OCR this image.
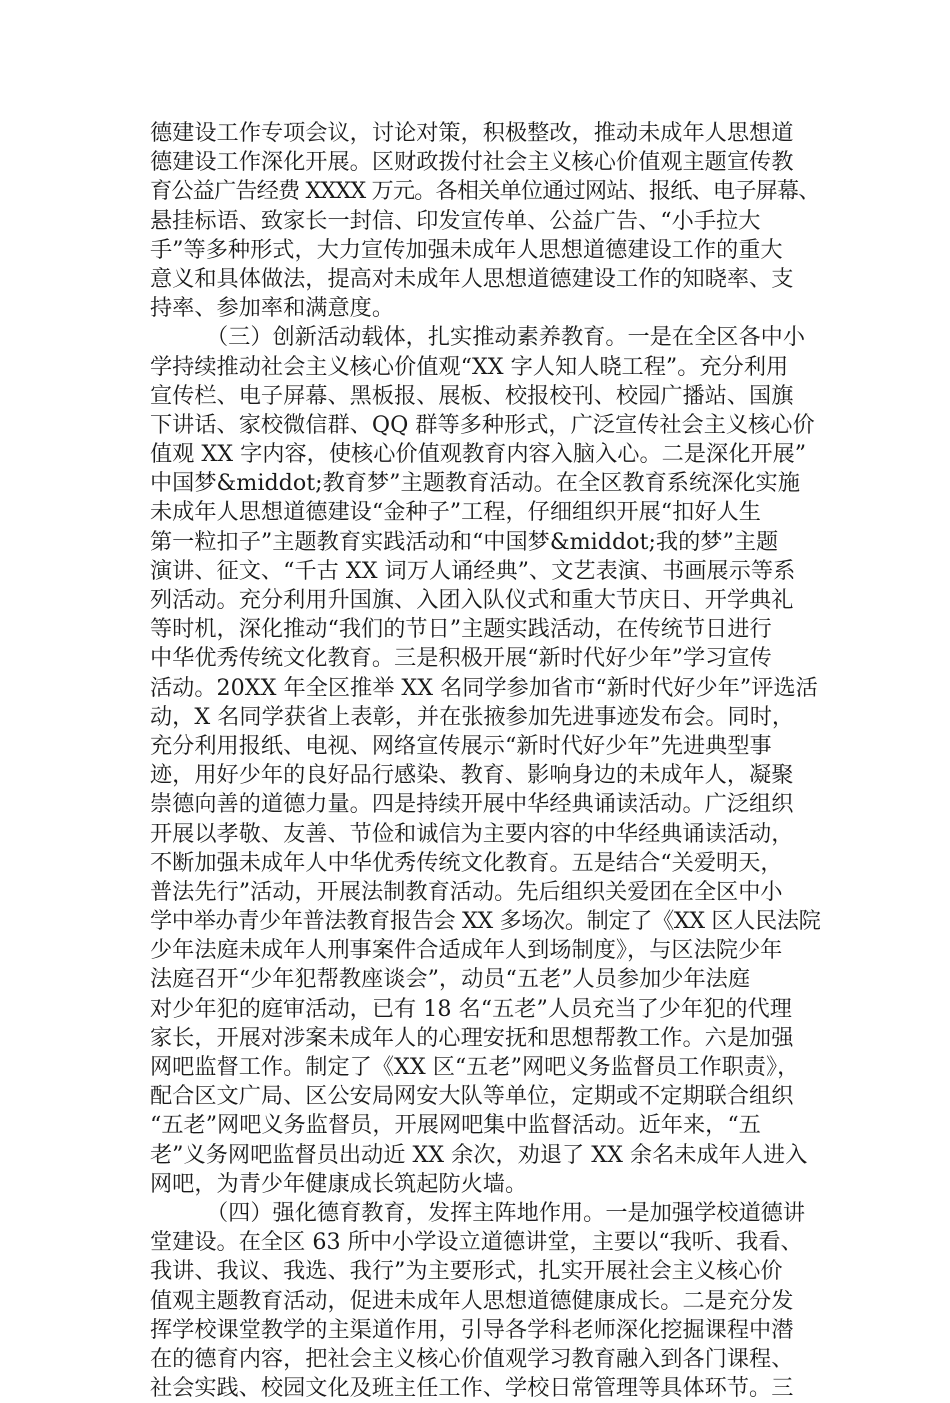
德建设工作专项会议，讨论对策，积极整改，推动未成年人思想道
德建设工作深化开展。区财政拨付社会主义核心价值观主题宣传教
育公益广告经费 XXXX 万元。各相关单位通过网站、报纸、电子屏幕、
悬挂标语、致家长一封信、印发宣传单、公益广告、“小手拉大
手”等多种形式，大力宣传加强未成年人思想道德建设工作的重大
意义和具体做法，提高对未成年人思想道德建设工作的知晓率、支
持率、参加率和满意度。
（三）创新活动载体，扎实推动素养教育。一是在全区各中小
学持续推动社会主义核心价值观“XX 字人知人晓工程”。充分利用
宣传栏、电子屏幕、黑板报、展板、校报校刊、校园广播站、国旗
下讲话、家校微信群、QQ 群等多种形式，广泛宣传社会主义核心价
值观 XX 字内容，使核心价值观教育内容入脑入心。二是深化开展”
中国梦&middot;教育梦”主题教育活动。在全区教育系统深化实施
未成年人思想道德建设“金种子”工程，仔细组织开展“扣好人生
第一粒扣子”主题教育实践活动和“中国梦&middot;我的梦”主题
演讲、征文、“千古 XX 词万人诵经典”、文艺表演、书画展示等系
列活动。充分利用升国旗、入团入队仪式和重大节庆日、开学典礼
等时机，深化推动“我们的节日”主题实践活动，在传统节日进行
中华优秀传统文化教育。三是积极开展“新时代好少年”学习宣传
活动。20XX 年全区推举 XX 名同学参加省市“新时代好少年”评选活
动，X 名同学获省上表彰，并在张掖参加先进事迹发布会。同时，
充分利用报纸、电视、网络宣传展示“新时代好少年”先进典型事
迹，用好少年的良好品行感染、教育、影响身边的未成年人，凝聚
崇德向善的道德力量。四是持续开展中华经典诵读活动。广泛组织
开展以孝敬、友善、节俭和诚信为主要内容的中华经典诵读活动，
不断加强未成年人中华优秀传统文化教育。五是结合“关爱明天，
普法先行”活动，开展法制教育活动。先后组织关爱团在全区中小
学中举办青少年普法教育报告会 XX 多场次。制定了《XX 区人民法院
少年法庭未成年人刑事案件合适成年人到场制度》，与区法院少年
法庭召开“少年犯帮教座谈会”，动员“五老”人员参加少年法庭
对少年犯的庭审活动，已有 18 名“五老”人员充当了少年犯的代理
家长，开展对涉案未成年人的心理安抚和思想帮教工作。六是加强
网吧监督工作。制定了《XX 区“五老”网吧义务监督员工作职责》，
配合区文广局、区公安局网安大队等单位，定期或不定期联合组织
“五老”网吧义务监督员，开展网吧集中监督活动。近年来，“五
老”义务网吧监督员出动近 XX 余次，劝退了 XX 余名未成年人进入
网吧，为青少年健康成长筑起防火墙。
（四）强化德育教育，发挥主阵地作用。一是加强学校道德讲
堂建设。在全区 63 所中小学设立道德讲堂，主要以“我听、我看、
我讲、我议、我选、我行”为主要形式，扎实开展社会主义核心价
值观主题教育活动，促进未成年人思想道德健康成长。二是充分发
挥学校课堂教学的主渠道作用，引导各学科老师深化挖掘课程中潜
在的德育内容，把社会主义核心价值观学习教育融入到各门课程、
社会实践、校园文化及班主任工作、学校日常管理等具体环节。三
